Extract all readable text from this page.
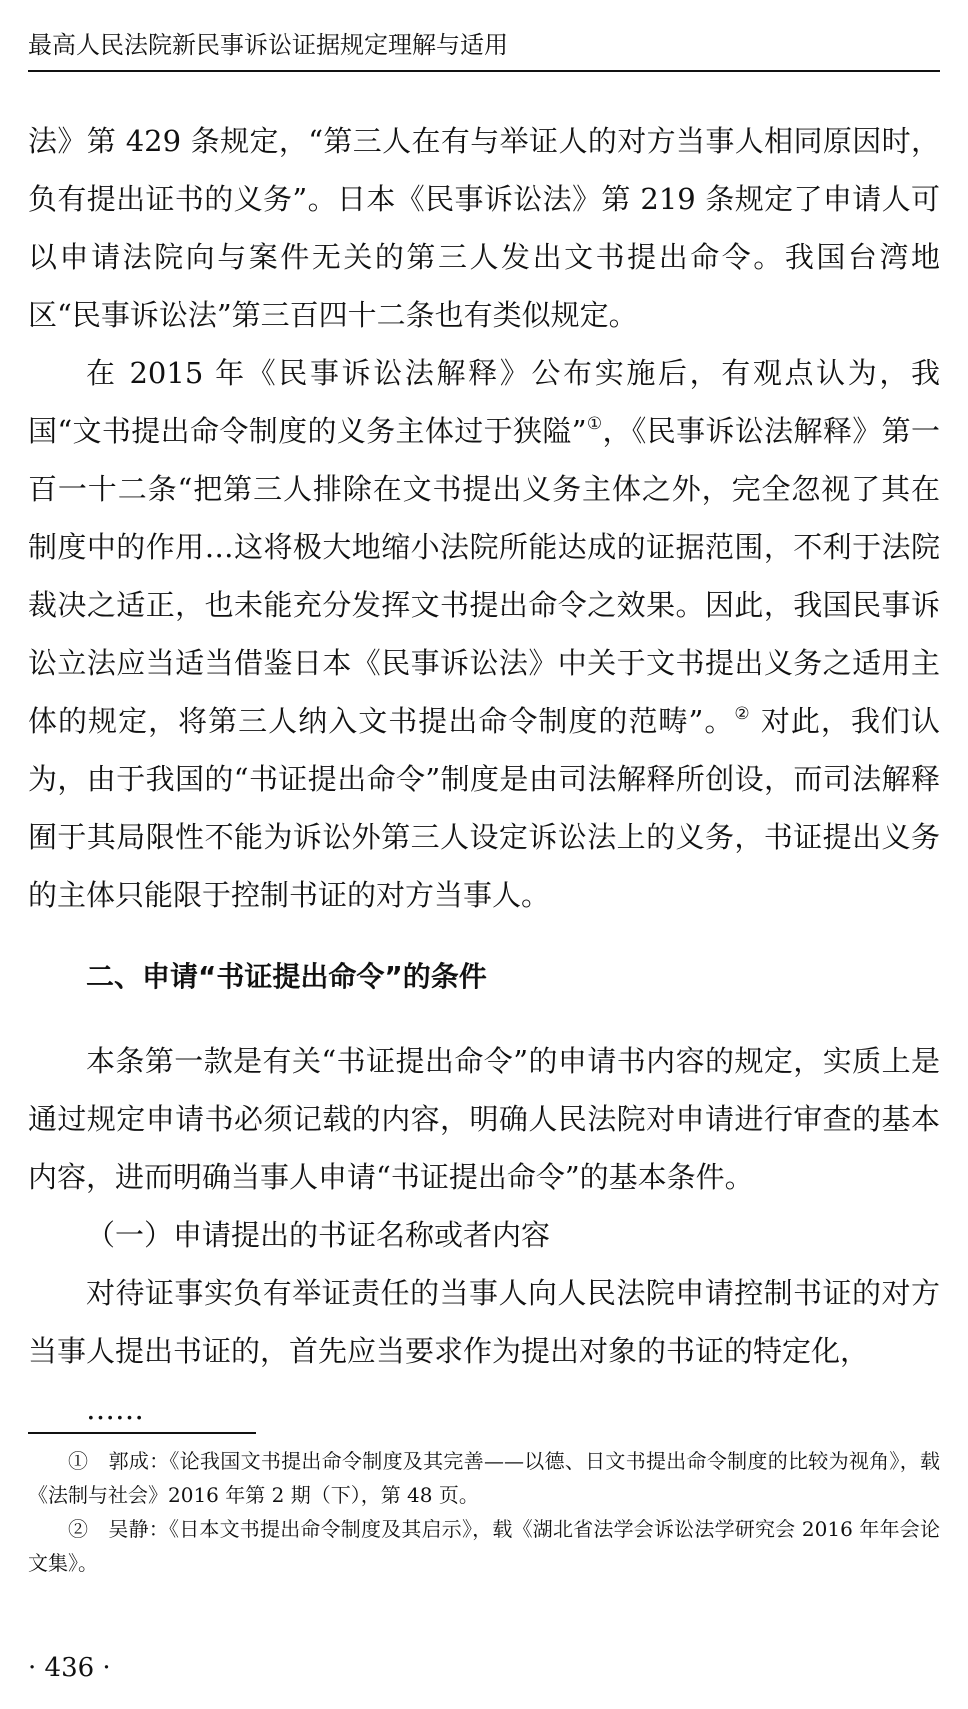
最高人民法院新民事诉讼证据规定理解与适用

法》第 429 条规定，“第三人在有与举证人的对方当事人相同原因时，负有提出证书的义务”。日本《民事诉讼法》第 219 条规定了申请人可以申请法院向与案件无关的第三人发出文书提出命令。我国台湾地区“民事诉讼法”第三百四十二条也有类似规定。

在 2015 年《民事诉讼法解释》公布实施后，有观点认为，我国“文书提出命令制度的义务主体过于狭隘”①，《民事诉讼法解释》第一百一十二条“把第三人排除在文书提出义务主体之外，完全忽视了其在制度中的作用…这将极大地缩小法院所能达成的证据范围，不利于法院裁决之适正，也未能充分发挥文书提出命令之效果。因此，我国民事诉讼立法应当适当借鉴日本《民事诉讼法》中关于文书提出义务之适用主体的规定，将第三人纳入文书提出命令制度的范畴”。② 对此，我们认为，由于我国的“书证提出命令”制度是由司法解释所创设，而司法解释囿于其局限性不能为诉讼外第三人设定诉讼法上的义务，书证提出义务的主体只能限于控制书证的对方当事人。

二、申请“书证提出命令”的条件

本条第一款是有关“书证提出命令”的申请书内容的规定，实质上是通过规定申请书必须记载的内容，明确人民法院对申请进行审查的基本内容，进而明确当事人申请“书证提出命令”的基本条件。

（一）申请提出的书证名称或者内容

对待证事实负有举证责任的当事人向人民法院申请控制书证的对方当事人提出书证的，首先应当要求作为提出对象的书证的特定化，

……

①　郭成：《论我国文书提出命令制度及其完善——以德、日文书提出命令制度的比较为视角》，载《法制与社会》2016 年第 2 期（下），第 48 页。

②　吴静：《日本文书提出命令制度及其启示》，载《湖北省法学会诉讼法学研究会 2016 年年会论文集》。

· 436 ·
